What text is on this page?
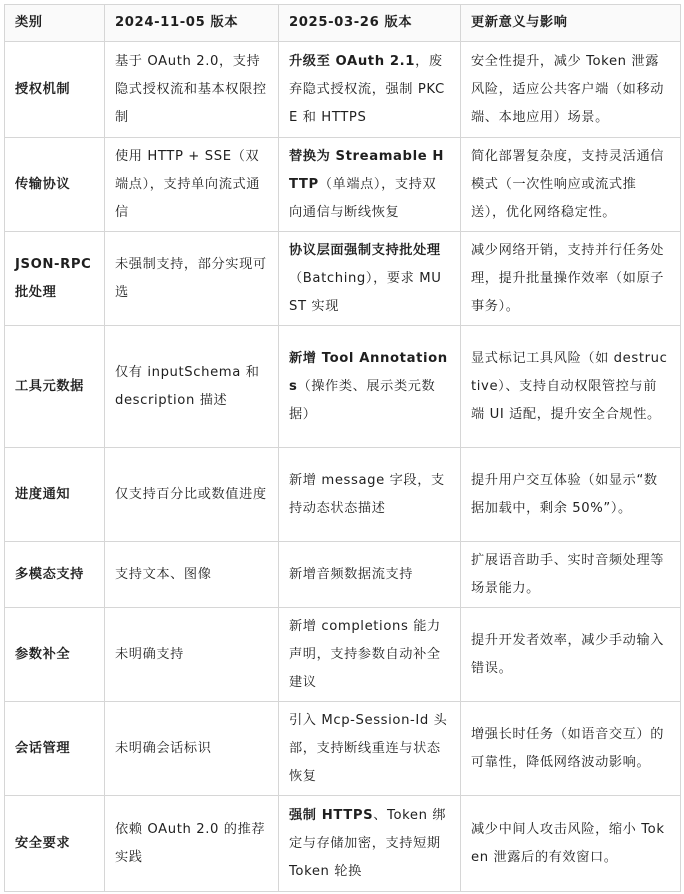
类别	2024-11-05 版本	2025-03-26 版本	更新意义与影响
授权机制	基于 OAuth 2.0，支持隐式授权流和基本权限控制	升级至 OAuth 2.1，废弃隐式授权流，强制 PKCE 和 HTTPS	安全性提升，减少 Token 泄露风险，适应公共客户端（如移动端、本地应用）场景。
传输协议	使用 HTTP + SSE（双端点），支持单向流式通信	替换为 Streamable HTTP（单端点），支持双向通信与断线恢复	简化部署复杂度，支持灵活通信模式（一次性响应或流式推送），优化网络稳定性。
JSON-RPC 批处理	未强制支持，部分实现可选	协议层面强制支持批处理（Batching），要求 MUST 实现	减少网络开销，支持并行任务处理，提升批量操作效率（如原子事务）。
工具元数据	仅有 inputSchema 和 description 描述	新增 Tool Annotations（操作类、展示类元数据）	显式标记工具风险（如 destructive）、支持自动权限管控与前端 UI 适配，提升安全合规性。
进度通知	仅支持百分比或数值进度	新增 message 字段，支持动态状态描述	提升用户交互体验（如显示“数据加载中，剩余 50%”）。
多模态支持	支持文本、图像	新增音频数据流支持	扩展语音助手、实时音频处理等场景能力。
参数补全	未明确支持	新增 completions 能力声明，支持参数自动补全建议	提升开发者效率，减少手动输入错误。
会话管理	未明确会话标识	引入 Mcp-Session-Id 头部，支持断线重连与状态恢复	增强长时任务（如语音交互）的可靠性，降低网络波动影响。
安全要求	依赖 OAuth 2.0 的推荐实践	强制 HTTPS、Token 绑定与存储加密，支持短期 Token 轮换	减少中间人攻击风险，缩小 Token 泄露后的有效窗口。
